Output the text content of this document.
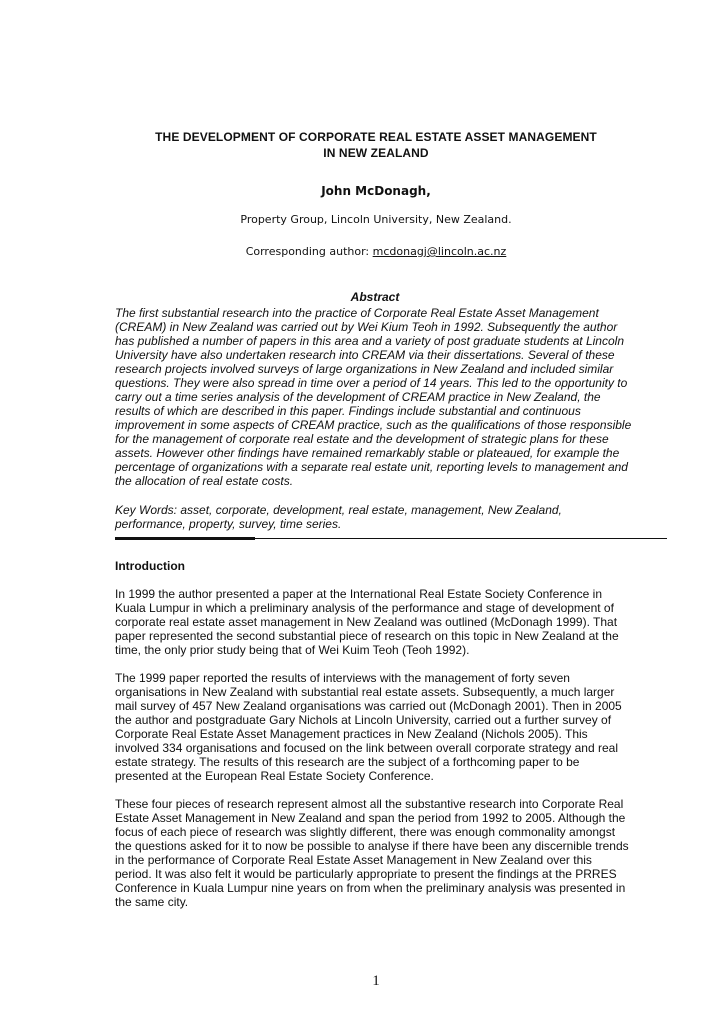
THE DEVELOPMENT OF CORPORATE REAL ESTATE ASSET MANAGEMENT
IN NEW ZEALAND
John McDonagh,
Property Group, Lincoln University, New Zealand.
Corresponding author: mcdonagj@lincoln.ac.nz
Abstract
The first substantial research into the practice of Corporate Real Estate Asset Management
(CREAM) in New Zealand was carried out by Wei Kium Teoh in 1992. Subsequently the author
has published a number of papers in this area and a variety of post graduate students at Lincoln
University have also undertaken research into CREAM via their dissertations. Several of these
research projects involved surveys of large organizations in New Zealand and included similar
questions. They were also spread in time over a period of 14 years. This led to the opportunity to
carry out a time series analysis of the development of CREAM practice in New Zealand, the
results of which are described in this paper. Findings include substantial and continuous
improvement in some aspects of CREAM practice, such as the qualifications of those responsible
for the management of corporate real estate and the development of strategic plans for these
assets. However other findings have remained remarkably stable or plateaued, for example the
percentage of organizations with a separate real estate unit, reporting levels to management and
the allocation of real estate costs.
Key Words: asset, corporate, development, real estate, management, New Zealand,
performance, property, survey, time series.
Introduction
In 1999 the author presented a paper at the International Real Estate Society Conference in
Kuala Lumpur in which a preliminary analysis of the performance and stage of development of
corporate real estate asset management in New Zealand was outlined (McDonagh 1999). That
paper represented the second substantial piece of research on this topic in New Zealand at the
time, the only prior study being that of Wei Kuim Teoh (Teoh 1992).
The 1999 paper reported the results of interviews with the management of forty seven
organisations in New Zealand with substantial real estate assets. Subsequently, a much larger
mail survey of 457 New Zealand organisations was carried out (McDonagh 2001). Then in 2005
the author and postgraduate Gary Nichols at Lincoln University, carried out a further survey of
Corporate Real Estate Asset Management practices in New Zealand (Nichols 2005). This
involved 334 organisations and focused on the link between overall corporate strategy and real
estate strategy. The results of this research are the subject of a forthcoming paper to be
presented at the European Real Estate Society Conference.
These four pieces of research represent almost all the substantive research into Corporate Real
Estate Asset Management in New Zealand and span the period from 1992 to 2005. Although the
focus of each piece of research was slightly different, there was enough commonality amongst
the questions asked for it to now be possible to analyse if there have been any discernible trends
in the performance of Corporate Real Estate Asset Management in New Zealand over this
period. It was also felt it would be particularly appropriate to present the findings at the PRRES
Conference in Kuala Lumpur nine years on from when the preliminary analysis was presented in
the same city.
1
